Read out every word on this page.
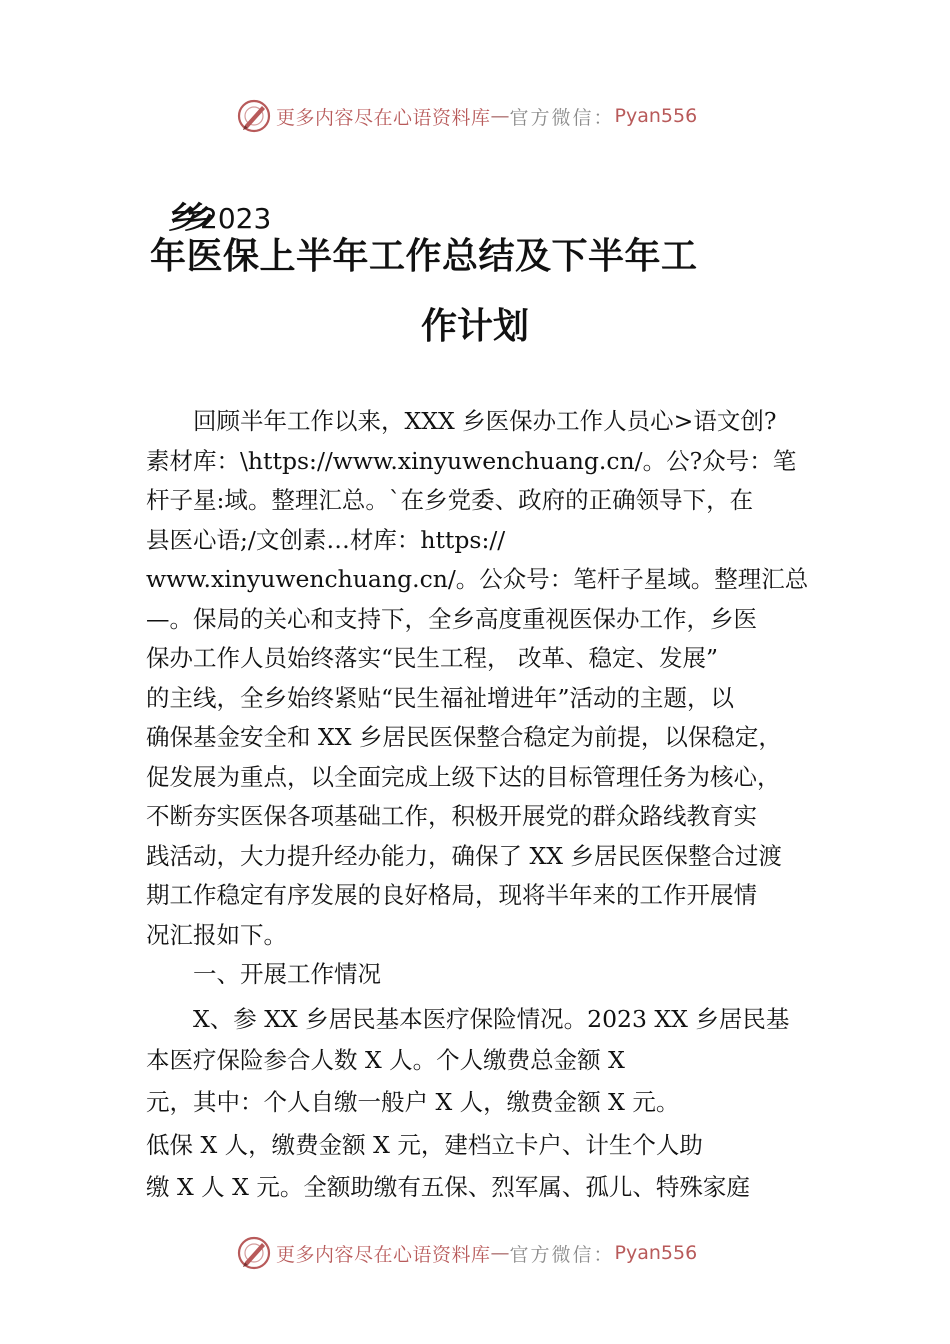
更多内容尽在心语资料库 — 官方微信： Pyan556
乡乡2023
年医保上半年工作总结及下半年工
作计划
　　回顾半年工作以来，XXX 乡医保办工作人员心>语文创?
素材库：\https://www.xinyuwenchuang.cn/。公?众号：笔
杆子星:域。整理汇总。`在乡党委、政府的正确领导下，在
县医心语;/文创素…材库：https://
www.xinyuwenchuang.cn/。公众号：笔杆子星域。整理汇总
—。保局的关心和支持下，全乡高度重视医保办工作，乡医
保办工作人员始终落实“民生工程， 改革、稳定、发展”
的主线，全乡始终紧贴“民生福祉增进年”活动的主题，以
确保基金安全和 XX 乡居民医保整合稳定为前提，以保稳定，
促发展为重点，以全面完成上级下达的目标管理任务为核心，
不断夯实医保各项基础工作，积极开展党的群众路线教育实
践活动，大力提升经办能力，确保了 XX 乡居民医保整合过渡
期工作稳定有序发展的良好格局，现将半年来的工作开展情
况汇报如下。
　　一、开展工作情况
　　X、参 XX 乡居民基本医疗保险情况。2023 XX 乡居民基
本医疗保险参合人数 X 人。个人缴费总金额 X
元，其中：个人自缴一般户 X 人，缴费金额 X 元。
低保 X 人，缴费金额 X 元，建档立卡户、计生个人助
缴 X 人 X 元。全额助缴有五保、烈军属、孤儿、特殊家庭
更多内容尽在心语资料库 — 官方微信： Pyan556
